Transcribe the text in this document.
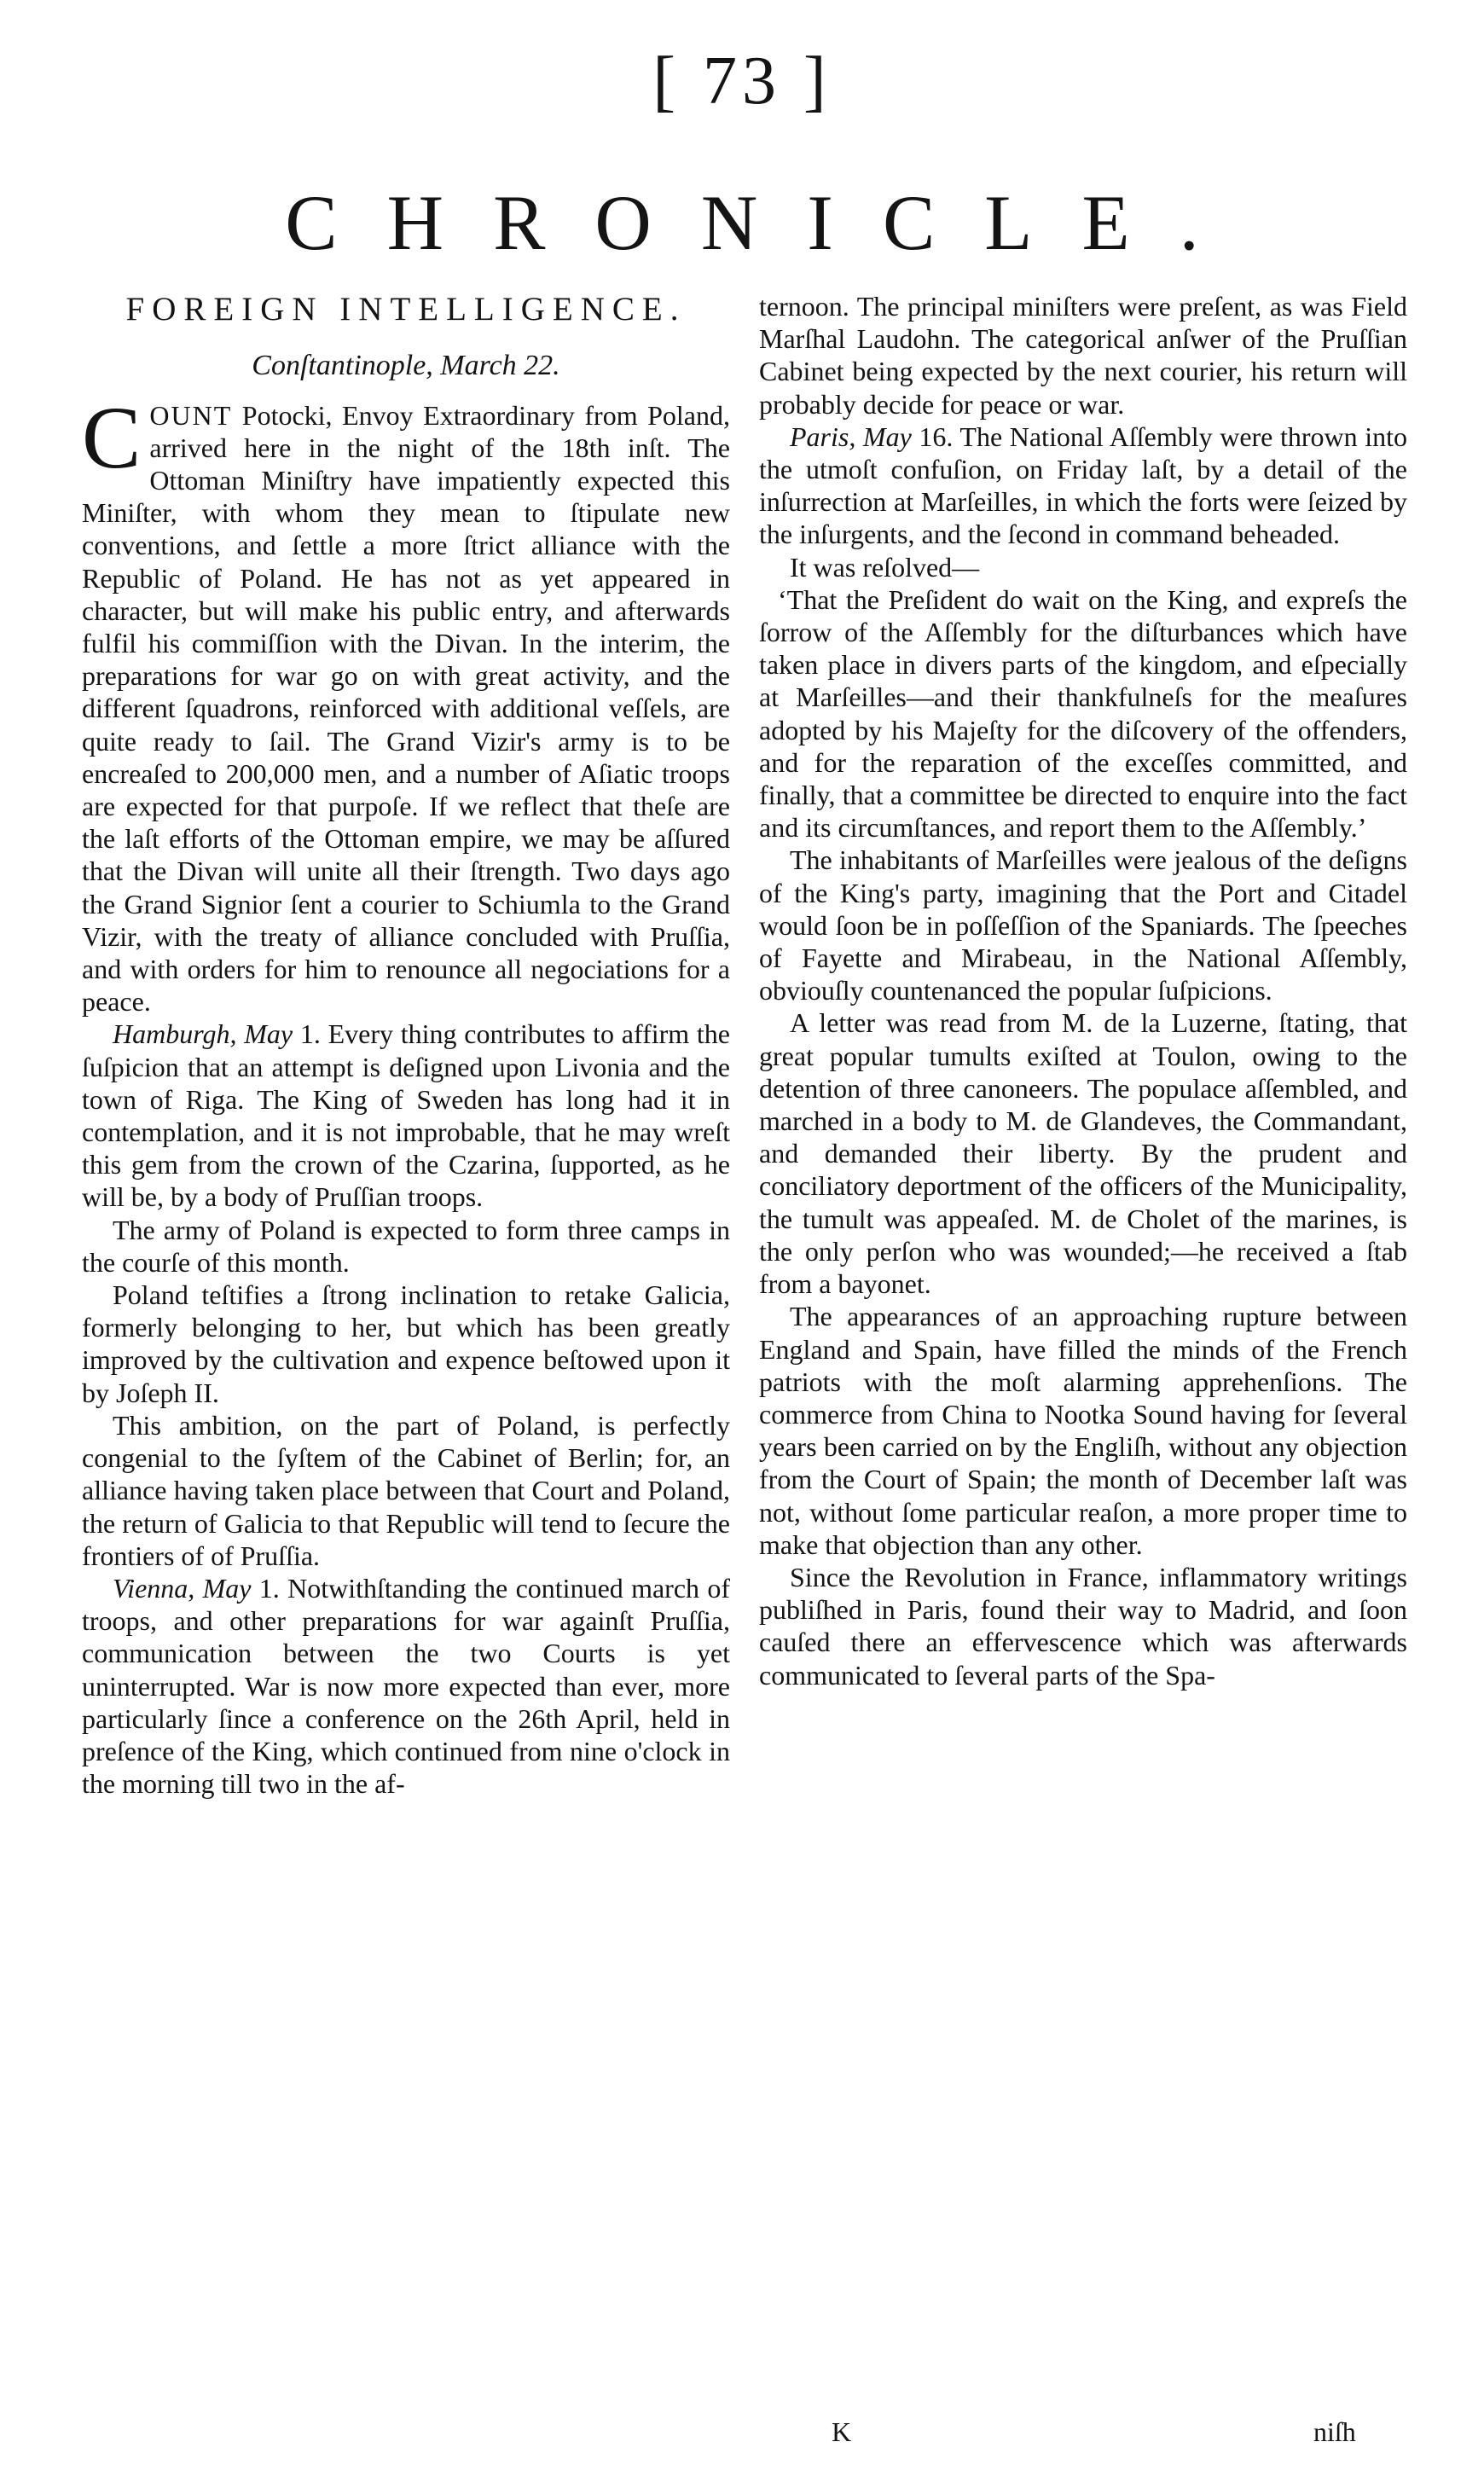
[ 73 ]
CHRONICLE.
FOREIGN INTELLIGENCE.
Conſtantinople, March 22.

COUNT Potocki, Envoy Extraordinary from Poland, arrived here in the night of the 18th inſt. The Ottoman Miniſtry have impatiently expected this Miniſter, with whom they mean to ſtipulate new conventions, and ſettle a more ſtrict alliance with the Republic of Poland. He has not as yet appeared in character, but will make his public entry, and afterwards fulfil his commiſſion with the Divan. In the interim, the preparations for war go on with great activity, and the different ſquadrons, reinforced with additional veſſels, are quite ready to ſail. The Grand Vizir's army is to be encreaſed to 200,000 men, and a number of Aſiatic troops are expected for that purpoſe. If we reflect that theſe are the laſt efforts of the Ottoman empire, we may be aſſured that the Divan will unite all their ſtrength. Two days ago the Grand Signior ſent a courier to Schiumla to the Grand Vizir, with the treaty of alliance concluded with Pruſſia, and with orders for him to renounce all negociations for a peace.

Hamburgh, May 1. Every thing contributes to affirm the ſuſpicion that an attempt is deſigned upon Livonia and the town of Riga. The King of Sweden has long had it in contemplation, and it is not improbable, that he may wreſt this gem from the crown of the Czarina, ſupported, as he will be, by a body of Pruſſian troops.

The army of Poland is expected to form three camps in the courſe of this month.

Poland teſtifies a ſtrong inclination to retake Galicia, formerly belonging to her, but which has been greatly improved by the cultivation and expence beſtowed upon it by Joſeph II.

This ambition, on the part of Poland, is perfectly congenial to the ſyſtem of the Cabinet of Berlin; for, an alliance having taken place between that Court and Poland, the return of Galicia to that Republic will tend to ſecure the frontiers of of Pruſſia.

Vienna, May 1. Notwithſtanding the continued march of troops, and other preparations for war againſt Pruſſia, communication between the two Courts is yet uninterrupted. War is now more expected than ever, more particularly ſince a conference on the 26th April, held in preſence of the King, which continued from nine o'clock in the morning till two in the af-

ternoon. The principal miniſters were preſent, as was Field Marſhal Laudohn. The categorical anſwer of the Pruſſian Cabinet being expected by the next courier, his return will probably decide for peace or war.

Paris, May 16. The National Aſſembly were thrown into the utmoſt confuſion, on Friday laſt, by a detail of the inſurrection at Marſeilles, in which the forts were ſeized by the inſurgents, and the ſecond in command beheaded.

It was reſolved—

‘That the Preſident do wait on the King, and expreſs the ſorrow of the Aſſembly for the diſturbances which have taken place in divers parts of the kingdom, and eſpecially at Marſeilles—and their thankfulneſs for the meaſures adopted by his Majeſty for the diſcovery of the offenders, and for the reparation of the exceſſes committed, and finally, that a committee be directed to enquire into the fact and its circumſtances, and report them to the Aſſembly.’

The inhabitants of Marſeilles were jealous of the deſigns of the King's party, imagining that the Port and Citadel would ſoon be in poſſeſſion of the Spaniards. The ſpeeches of Fayette and Mirabeau, in the National Aſſembly, obviouſly countenanced the popular ſuſpicions.

A letter was read from M. de la Luzerne, ſtating, that great popular tumults exiſted at Toulon, owing to the detention of three canoneers. The populace aſſembled, and marched in a body to M. de Glandeves, the Commandant, and demanded their liberty. By the prudent and conciliatory deportment of the officers of the Municipality, the tumult was appeaſed. M. de Cholet of the marines, is the only perſon who was wounded;—he received a ſtab from a bayonet.

The appearances of an approaching rupture between England and Spain, have filled the minds of the French patriots with the moſt alarming apprehenſions. The commerce from China to Nootka Sound having for ſeveral years been carried on by the Engliſh, without any objection from the Court of Spain; the month of December laſt was not, without ſome particular reaſon, a more proper time to make that objection than any other.

Since the Revolution in France, inflammatory writings publiſhed in Paris, found their way to Madrid, and ſoon cauſed there an effervescence which was afterwards communicated to ſeveral parts of the Spa-

K	niſh
